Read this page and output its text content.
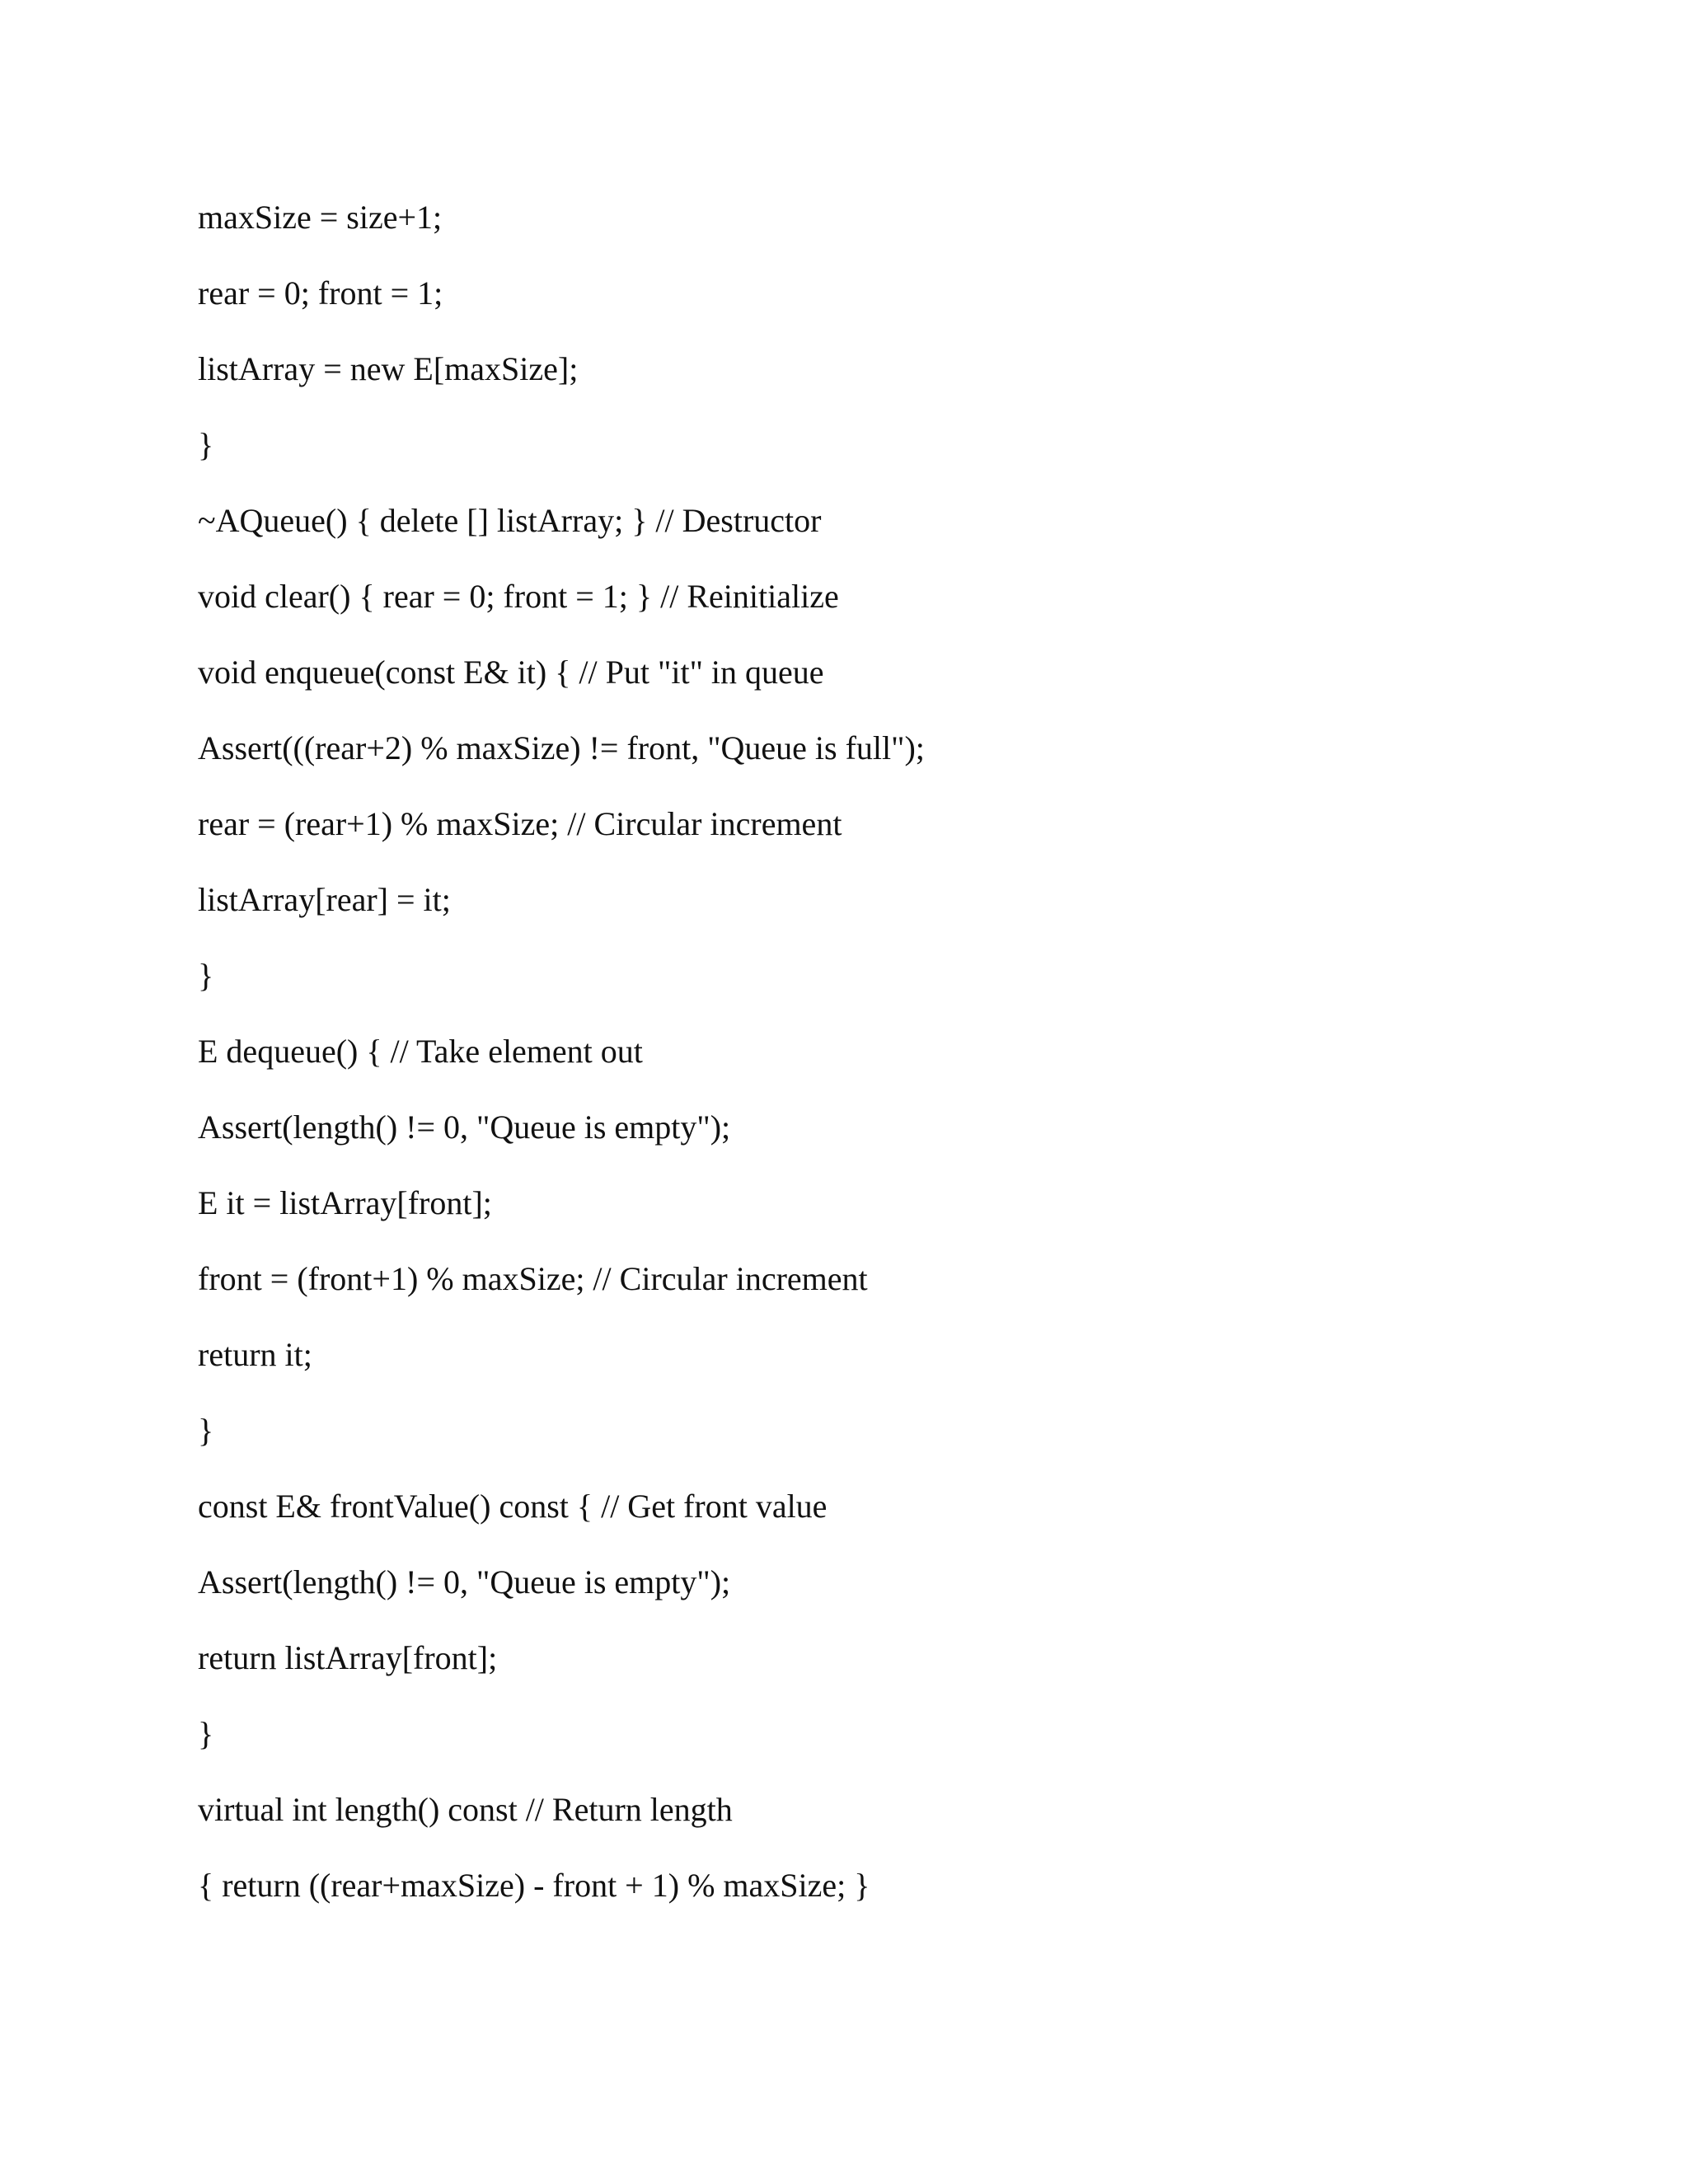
maxSize = size+1;
rear = 0; front = 1;
listArray = new E[maxSize];
}
~AQueue() { delete [] listArray; } // Destructor
void clear() { rear = 0; front = 1; } // Reinitialize
void enqueue(const E& it) { // Put "it" in queue
Assert(((rear+2) % maxSize) != front, "Queue is full");
rear = (rear+1) % maxSize; // Circular increment
listArray[rear] = it;
}
E dequeue() { // Take element out
Assert(length() != 0, "Queue is empty");
E it = listArray[front];
front = (front+1) % maxSize; // Circular increment
return it;
}
const E& frontValue() const { // Get front value
Assert(length() != 0, "Queue is empty");
return listArray[front];
}
virtual int length() const // Return length
{ return ((rear+maxSize) - front + 1) % maxSize; }
